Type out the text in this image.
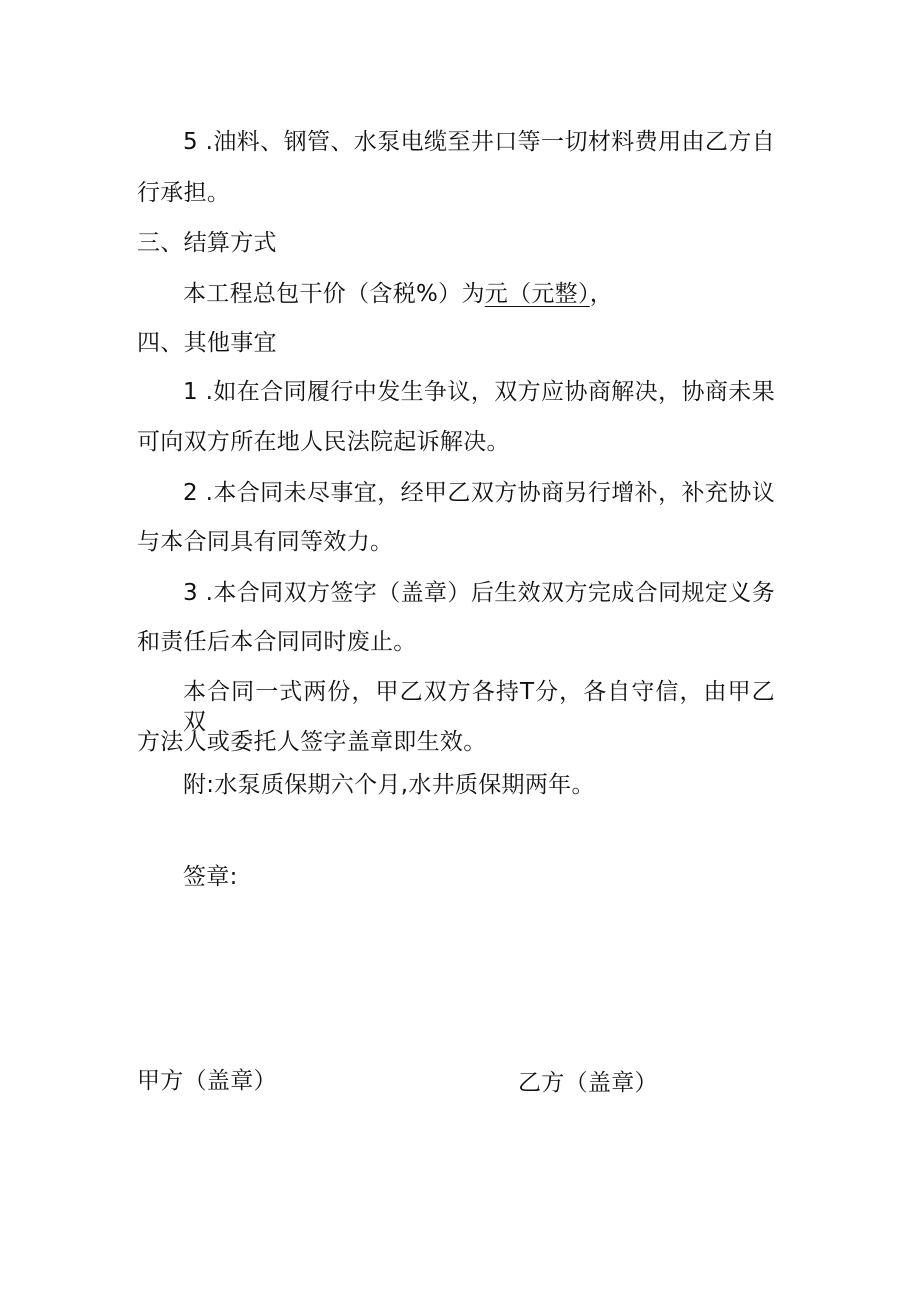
5 .油料、钢管、水泵电缆至井口等一切材料费用由乙方自
行承担。
三、结算方式
本工程总包干价（含税%）为元（元整），
四、其他事宜
1 .如在合同履行中发生争议，双方应协商解决，协商未果
可向双方所在地人民法院起诉解决。
2 .本合同未尽事宜，经甲乙双方协商另行增补，补充协议
与本合同具有同等效力。
3 .本合同双方签字（盖章）后生效双方完成合同规定义务
和责任后本合同同时废止。
本合同一式两份，甲乙双方各持T分，各自守信，由甲乙双
方法人或委托人签字盖章即生效。
附:水泵质保期六个月,水井质保期两年。
签章:
甲方（盖章）	乙方（盖章）
